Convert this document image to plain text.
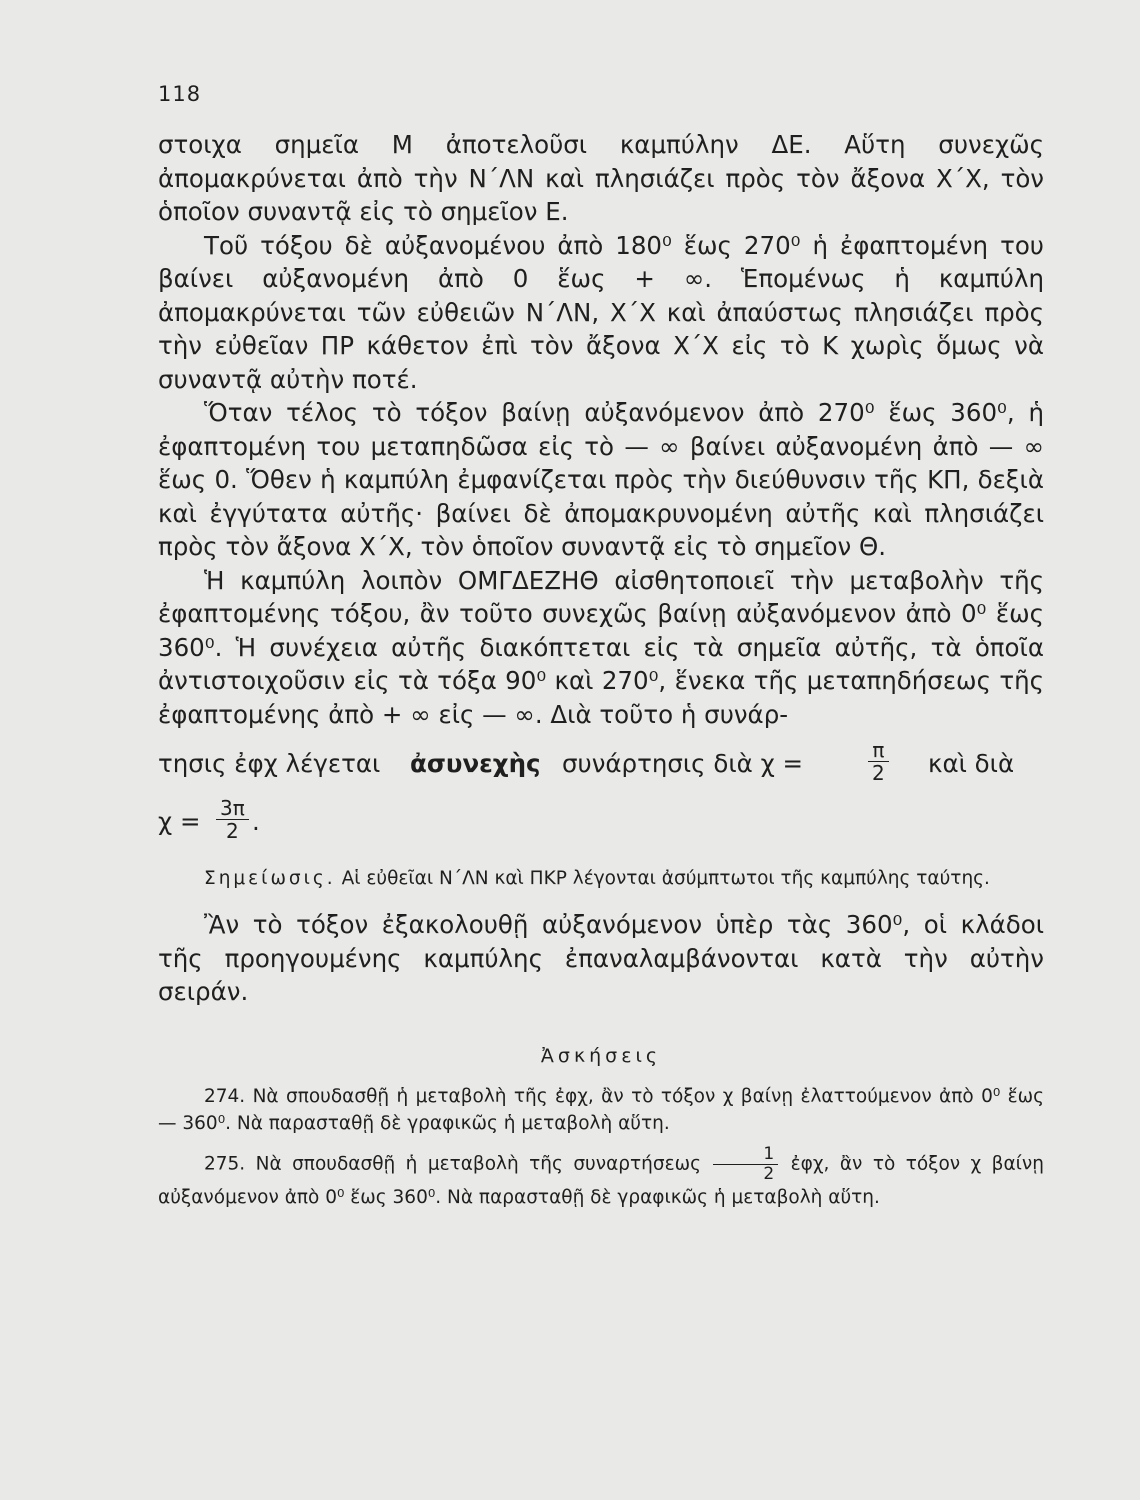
118

στοιχα σημεῖα Μ ἀποτελοῦσι καμπύλην ΔΕ. Αὕτη συνεχῶς ἀπομακρύνεται ἀπὸ τὴν Ν΄ΛΝ καὶ πλησιάζει πρὸς τὸν ἄξονα Χ΄Χ, τὸν ὁποῖον συναντᾷ εἰς τὸ σημεῖον Ε.

Τοῦ τόξου δὲ αὐξανομένου ἀπὸ 180⁰ ἕως 270⁰ ἡ ἐφαπτομένη του βαίνει αὐξανομένη ἀπὸ 0 ἕως + ∞. Ἑπομένως ἡ καμπύλη ἀπομακρύνεται τῶν εὐθειῶν Ν΄ΛΝ, Χ΄Χ καὶ ἀπαύστως πλησιάζει πρὸς τὴν εὐθεῖαν ΠΡ κάθετον ἐπὶ τὸν ἄξονα Χ΄Χ εἰς τὸ Κ χωρὶς ὅμως νὰ συναντᾷ αὐτὴν ποτέ.

Ὅταν τέλος τὸ τόξον βαίνῃ αὐξανόμενον ἀπὸ 270⁰ ἕως 360⁰, ἡ ἐφαπτομένη του μεταπηδῶσα εἰς τὸ — ∞ βαίνει αὐξανομένη ἀπὸ — ∞ ἕως 0. Ὅθεν ἡ καμπύλη ἐμφανίζεται πρὸς τὴν διεύθυνσιν τῆς ΚΠ, δεξιὰ καὶ ἐγγύτατα αὐτῆς· βαίνει δὲ ἀπομακρυνομένη αὐτῆς καὶ πλησιάζει πρὸς τὸν ἄξονα Χ΄Χ, τὸν ὁποῖον συναντᾷ εἰς τὸ σημεῖον Θ.

Ἡ καμπύλη λοιπὸν ΟΜΓΔΕΖΗΘ αἰσθητοποιεῖ τὴν μεταβολὴν τῆς ἐφαπτομένης τόξου, ἂν τοῦτο συνεχῶς βαίνῃ αὐξανόμενον ἀπὸ 0⁰ ἕως 360⁰. Ἡ συνέχεια αὐτῆς διακόπτεται εἰς τὰ σημεῖα αὐτῆς, τὰ ὁποῖα ἀντιστοιχοῦσιν εἰς τὰ τόξα 90⁰ καὶ 270⁰, ἕνεκα τῆς μεταπηδήσεως τῆς ἐφαπτομένης ἀπὸ + ∞ εἰς — ∞. Διὰ τοῦτο ἡ συνάρ-

τησις ἐφχ λέγεται ἀσυνεχὴς συνάρτησις διὰ χ =	$\frac{\pi}{2}$ καὶ διὰ
$\chi = \frac{3\pi}{2}$ .

Σημείωσις. Αἱ εὐθεῖαι Ν΄ΛΝ καὶ ΠΚΡ λέγονται ἀσύμπτωτοι τῆς καμπύλης ταύτης.

Ἂν τὸ τόξον ἐξακολουθῇ αὐξανόμενον ὑπὲρ τὰς 360⁰, οἱ κλάδοι τῆς προηγουμένης καμπύλης ἐπαναλαμβάνονται κατὰ τὴν αὐτὴν σειράν.

Ἀσκήσεις

274. Νὰ σπουδασθῇ ἡ μεταβολὴ τῆς ἐφχ, ἂν τὸ τόξον χ βαίνῃ ἐλαττούμενον ἀπὸ 0⁰ ἕως — 360⁰. Νὰ παρασταθῇ δὲ γραφικῶς ἡ μεταβολὴ αὕτη.

275. Νὰ σπουδασθῇ ἡ μεταβολὴ τῆς συναρτήσεως $\frac{1}{2}$ ἐφχ, ἂν τὸ τόξον χ βαίνῃ αὐξανόμενον ἀπὸ 0⁰ ἕως 360⁰. Νὰ παρασταθῇ δὲ γραφικῶς ἡ μεταβολὴ αὕτη.
